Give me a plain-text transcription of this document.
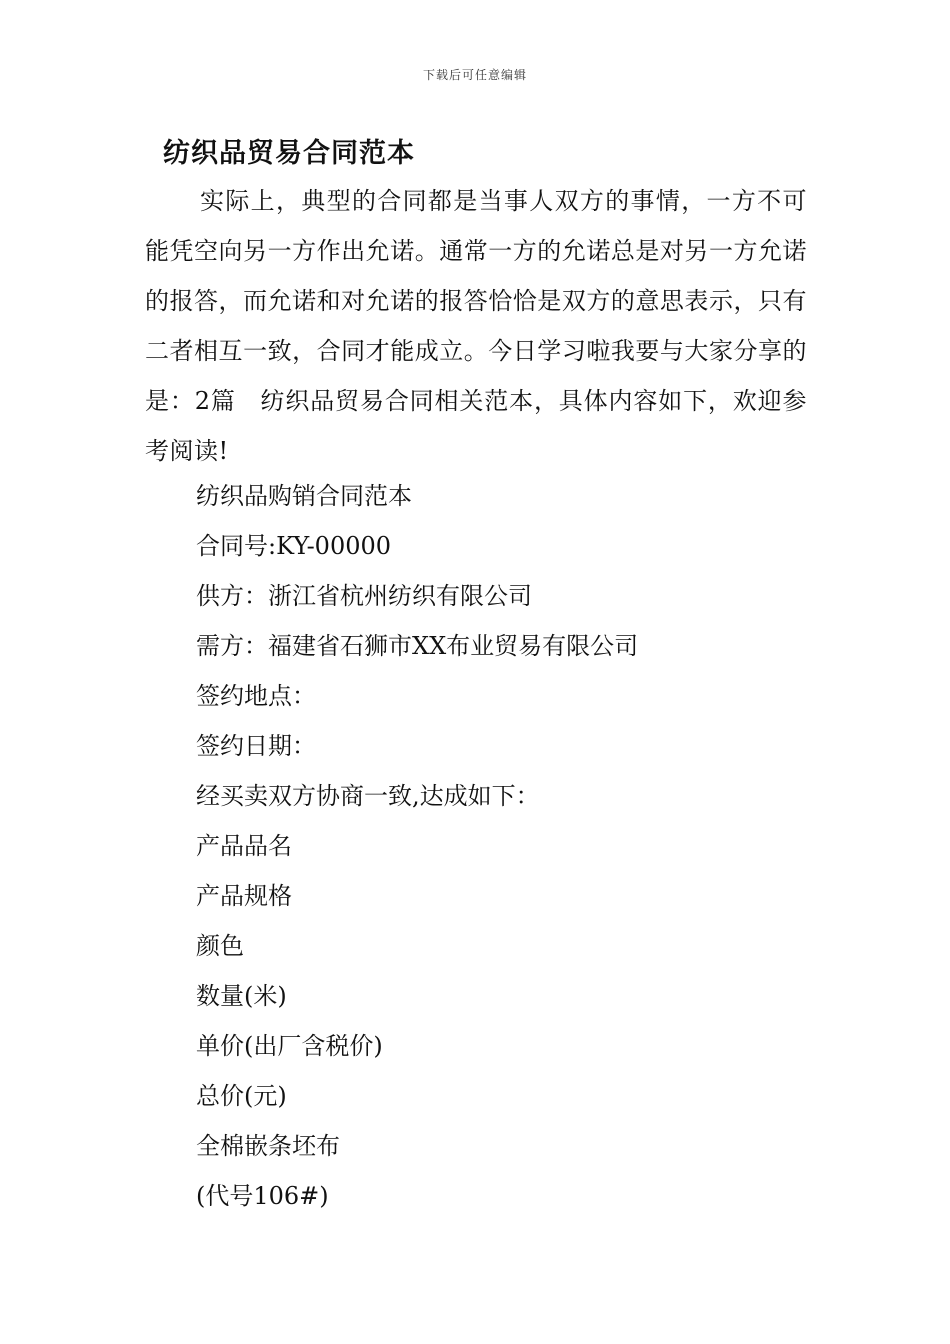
下载后可任意编辑
纺织品贸易合同范本

实际上，典型的合同都是当事人双方的事情，一方不可能凭空向另一方作出允诺。通常一方的允诺总是对另一方允诺的报答，而允诺和对允诺的报答恰恰是双方的意思表示，只有二者相互一致，合同才能成立。今日学习啦我要与大家分享的是：2篇　纺织品贸易合同相关范本，具体内容如下，欢迎参考阅读!

纺织品购销合同范本

合同号:KY-00000

供方：浙江省杭州纺织有限公司

需方：福建省石狮市XX布业贸易有限公司

签约地点：

签约日期：

经买卖双方协商一致,达成如下：

产品品名

产品规格

颜色

数量(米)

单价(出厂含税价)

总价(元)

全棉嵌条坯布

(代号106#)
